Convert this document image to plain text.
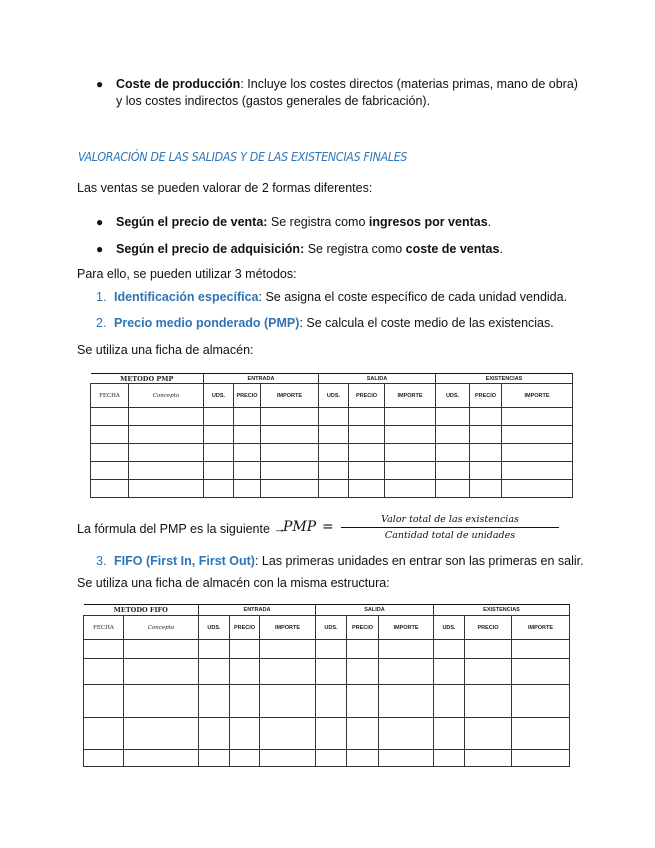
● Coste de producción: Incluye los costes directos (materias primas, mano de obra) y los costes indirectos (gastos generales de fabricación).
VALORACIÓN DE LAS SALIDAS Y DE LAS EXISTENCIAS FINALES
Las ventas se pueden valorar de 2 formas diferentes:
● Según el precio de venta: Se registra como ingresos por ventas.
● Según el precio de adquisición: Se registra como coste de ventas.
Para ello, se pueden utilizar 3 métodos:
1. Identificación específica: Se asigna el coste específico de cada unidad vendida.
2. Precio medio ponderado (PMP): Se calcula el coste medio de las existencias.
Se utiliza una ficha de almacén:
METODO PMP		ENTRADA			SALIDA			EXISTENCIAS		
FECHA	Concepto	UDS.	PRECIO	IMPORTE	UDS.	PRECIO	IMPORTE	UDS.	PRECIO	IMPORTE

La fórmula del PMP es la siguiente →
PMP =	Valor total de las existencias
Cantidad total de unidades
3. FIFO (First In, First Out): Las primeras unidades en entrar son las primeras en salir.
Se utiliza una ficha de almacén con la misma estructura:
METODO FIFO		ENTRADA			SALIDA			EXISTENCIAS		
FECHA	Concepto	UDS.	PRECIO	IMPORTE	UDS.	PRECIO	IMPORTE	UDS.	PRECIO	IMPORTE
